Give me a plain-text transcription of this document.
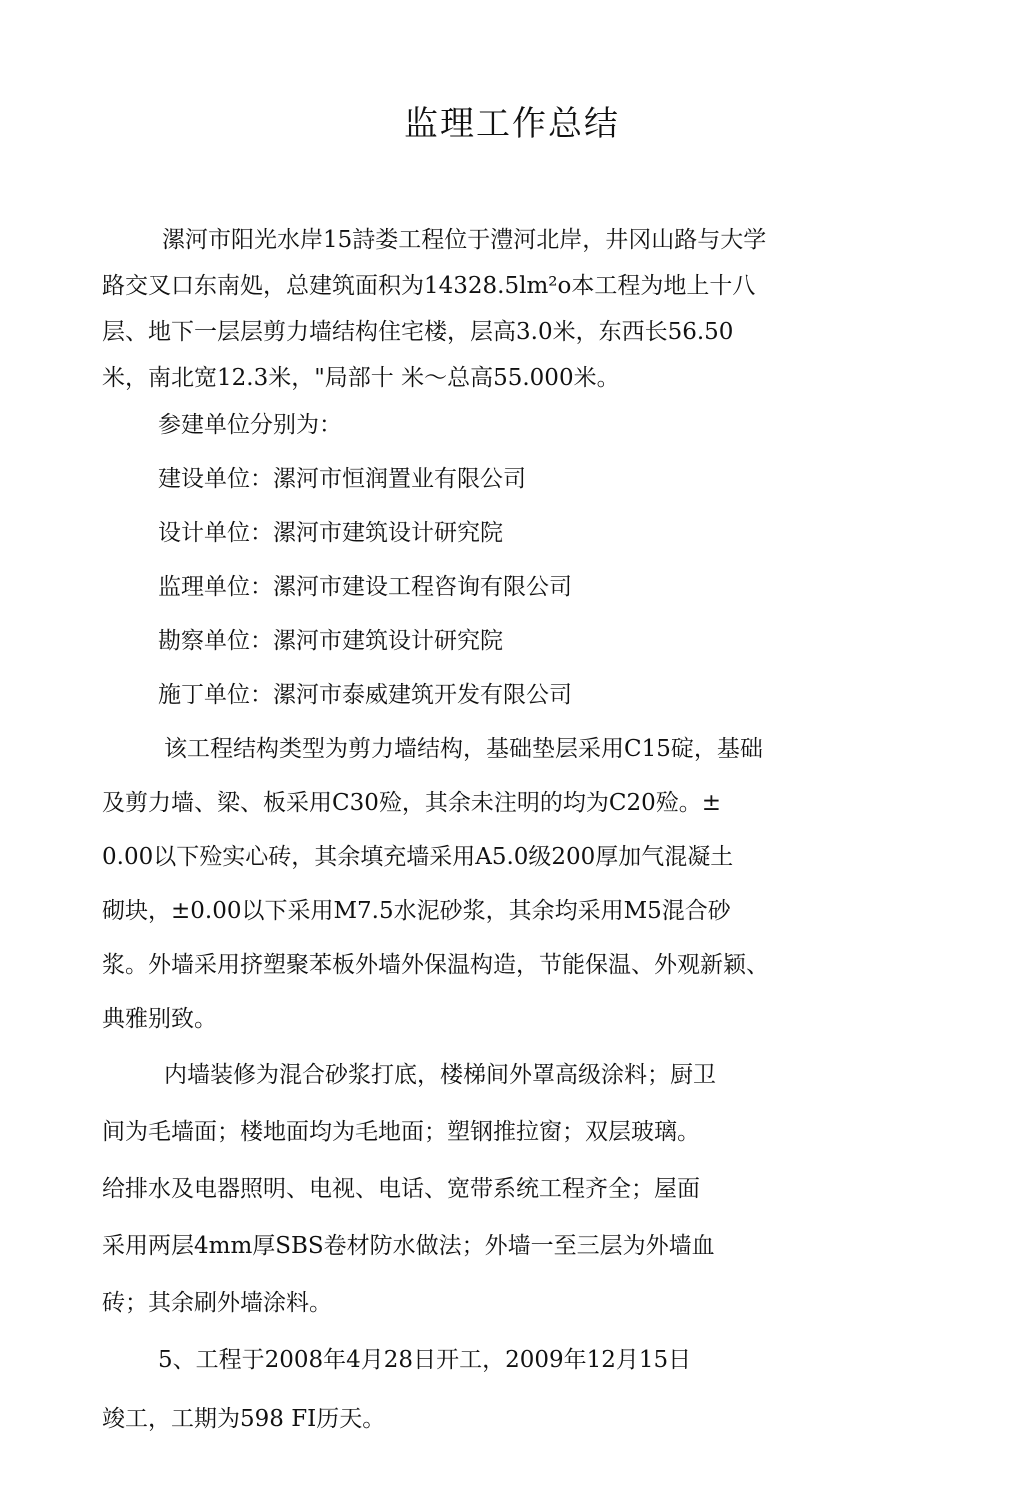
监理工作总结
漯河市阳光水岸15詩娄工程位于澧河北岸，井冈山路与大学
路交叉口东南処，总建筑面积为14328.5lm²o本工程为地上十八
层、地下一层层剪力墙结构住宅楼，层高3.0米，东西长56.50
米，南北宽12.3米，"局部十 米～总高55.000米。
参建单位分别为：
建设单位：漯河市恒润置业有限公司
设计单位：漯河市建筑设计研究院
监理单位：漯河市建设工程咨询有限公司
勘察单位：漯河市建筑设计研究院
施丁单位：漯河市泰威建筑开发有限公司
该工程结构类型为剪力墙结构，基础垫层采用C15碇，基础
及剪力墙、梁、板采用C30殓，其余未注明的均为C20殓。±
0.00以下殓实心砖，其余填充墙采用A5.0级200厚加气混凝土
砌块，±0.00以下采用M7.5水泥砂浆，其余均采用M5混合砂
浆。外墙采用挤塑聚苯板外墙外保温构造，节能保温、外观新颖、
典雅别致。
内墙装修为混合砂浆打底，楼梯间外罩高级涂料；厨卫
间为毛墙面；楼地面均为毛地面；塑钢推拉窗；双层玻璃。
给排水及电器照明、电视、电话、宽带系统工程齐全；屋面
采用两层4mm厚SBS卷材防水做法；外墙一至三层为外墙血
砖；其余刷外墙涂料。
5、工程于2008年4月28日开工，2009年12月15日
竣工，工期为598 FI历天。
